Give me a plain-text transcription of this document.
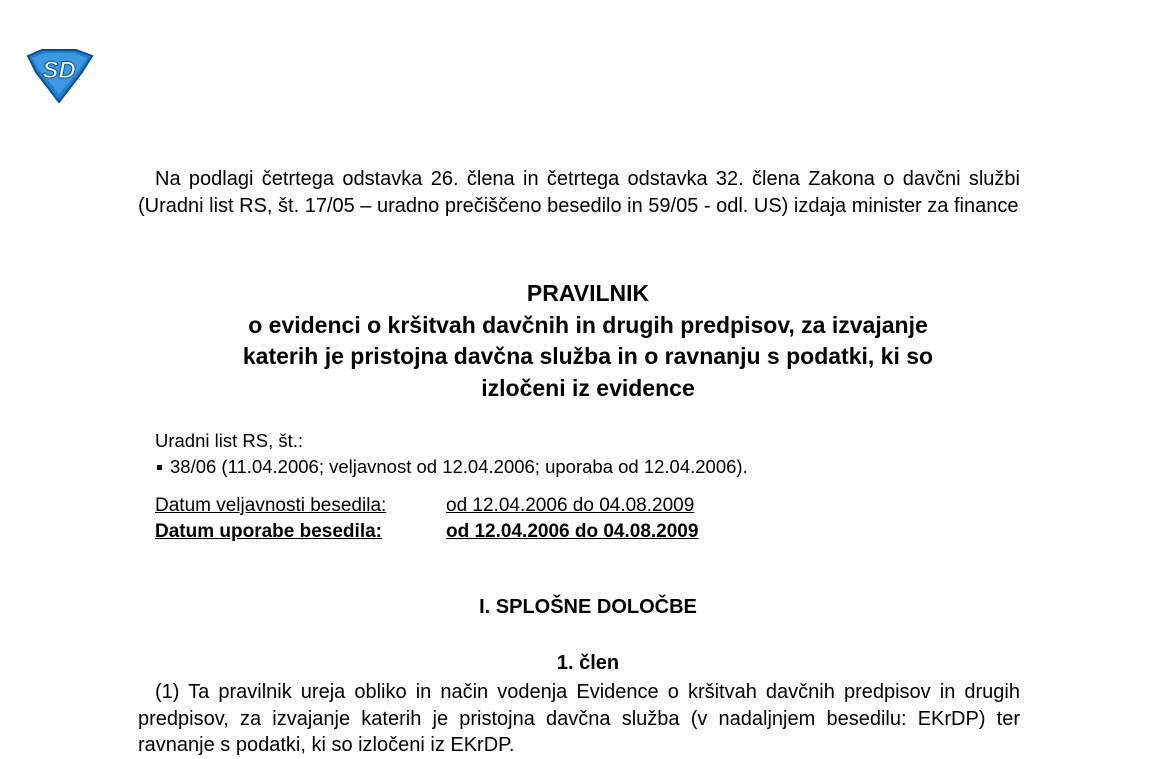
SD

Na podlagi četrtega odstavka 26. člena in četrtega odstavka 32. člena Zakona o davčni službi (Uradni list RS, št. 17/05 – uradno prečiščeno besedilo in 59/05 - odl. US) izdaja minister za finance

PRAVILNIK
o evidenci o kršitvah davčnih in drugih predpisov, za izvajanje
katerih je pristojna davčna služba in o ravnanju s podatki, ki so
izločeni iz evidence
Uradni list RS, št.:
38/06 (11.04.2006; veljavnost od 12.04.2006; uporaba od 12.04.2006).
Datum veljavnosti besedila:	od 12.04.2006 do 04.08.2009
Datum uporabe besedila:	od 12.04.2006 do 04.08.2009
I. SPLOŠNE DOLOČBE
1. člen

(1) Ta pravilnik ureja obliko in način vodenja Evidence o kršitvah davčnih predpisov in drugih predpisov, za izvajanje katerih je pristojna davčna služba (v nadaljnjem besedilu: EKrDP) ter ravnanje s podatki, ki so izločeni iz EKrDP.
